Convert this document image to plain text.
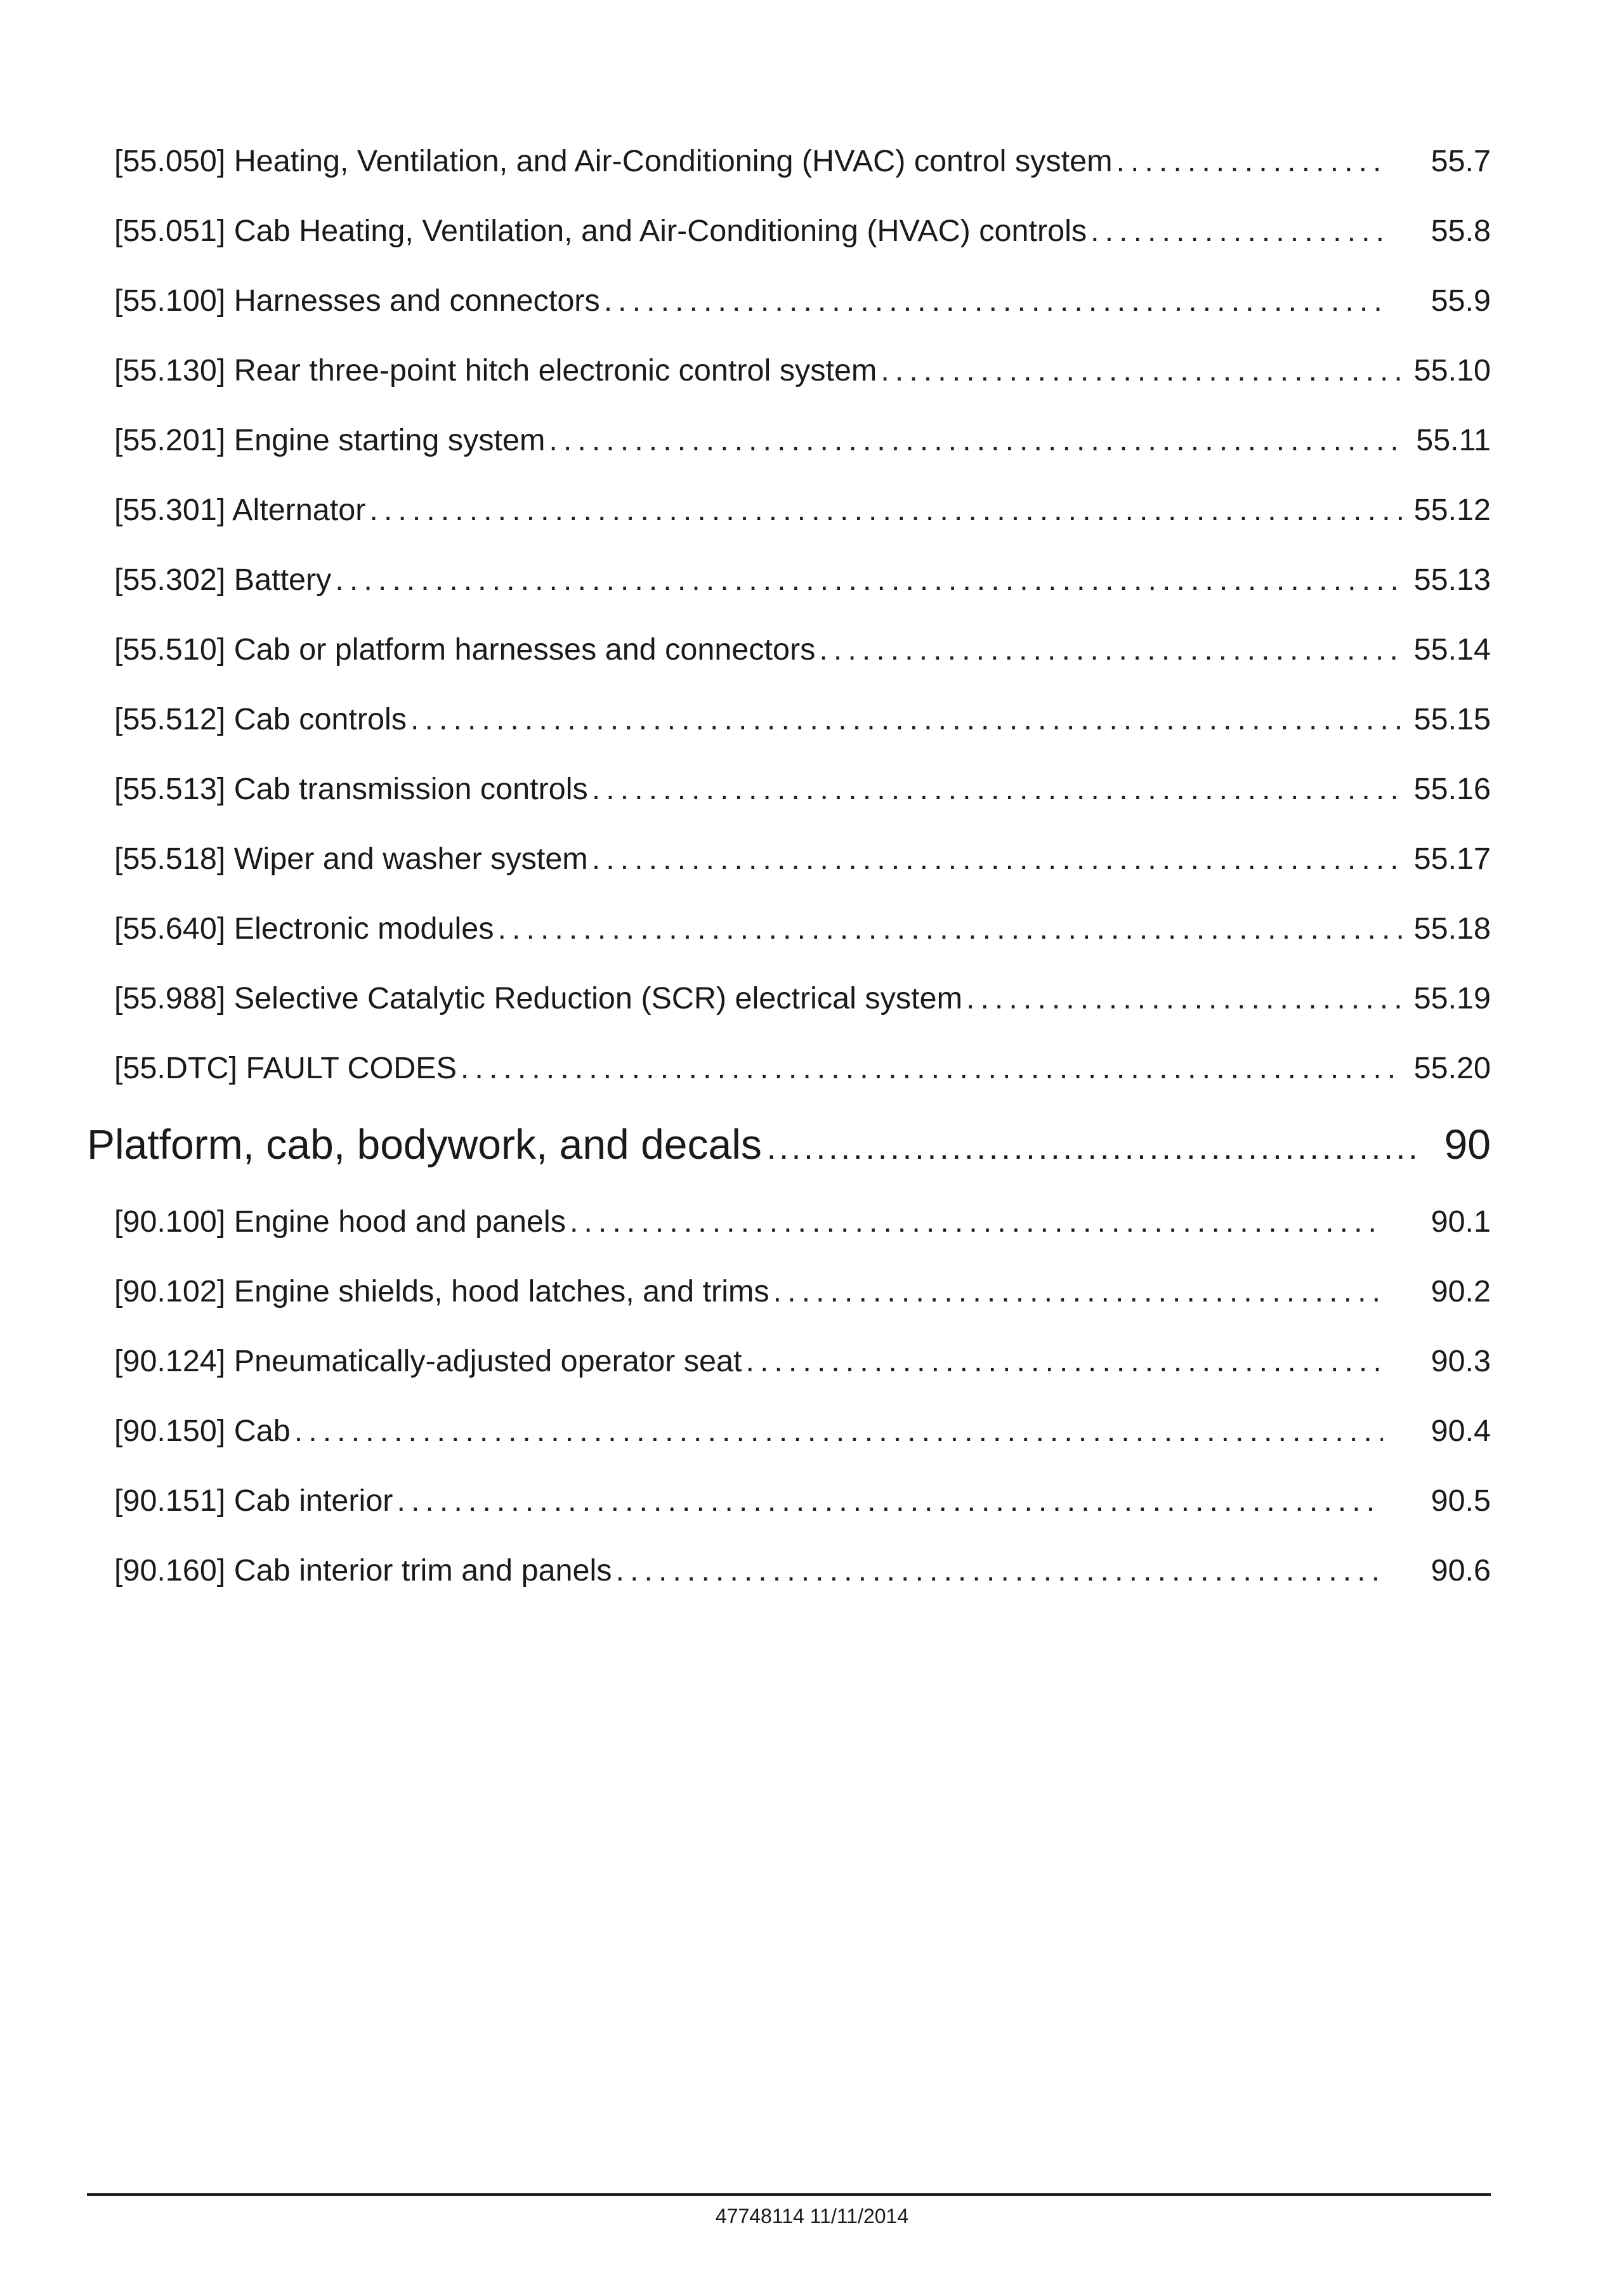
[55.050] Heating, Ventilation, and Air-Conditioning (HVAC) control system .....	55.7
[55.051] Cab Heating, Ventilation, and Air-Conditioning (HVAC) controls .....	55.8
[55.100] Harnesses and connectors .....	55.9
[55.130] Rear three-point hitch electronic control system .....	55.10
[55.201] Engine starting system .....	55.11
[55.301] Alternator .....	55.12
[55.302] Battery .....	55.13
[55.510] Cab or platform harnesses and connectors .....	55.14
[55.512] Cab controls .....	55.15
[55.513] Cab transmission controls .....	55.16
[55.518] Wiper and washer system .....	55.17
[55.640] Electronic modules .....	55.18
[55.988] Selective Catalytic Reduction (SCR) electrical system .....	55.19
[55.DTC] FAULT CODES .....	55.20
Platform, cab, bodywork, and decals .....	90
[90.100] Engine hood and panels .....	90.1
[90.102] Engine shields, hood latches, and trims .....	90.2
[90.124] Pneumatically-adjusted operator seat .....	90.3
[90.150] Cab .....	90.4
[90.151] Cab interior .....	90.5
[90.160] Cab interior trim and panels .....	90.6
47748114 11/11/2014
